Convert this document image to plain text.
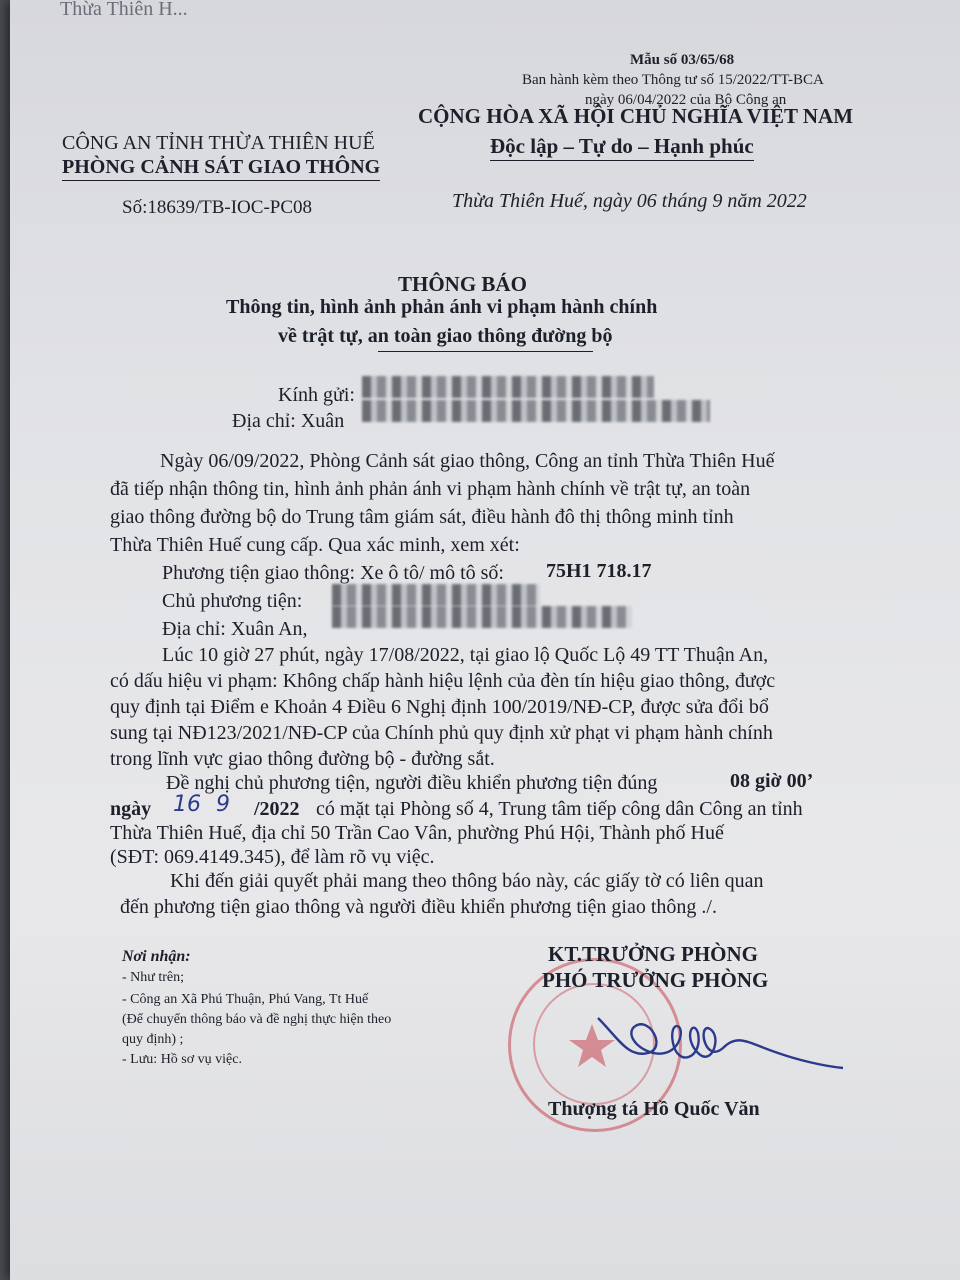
Thừa Thiên H...
Mẫu số 03/65/68
Ban hành kèm theo Thông tư số 15/2022/TT-BCA
ngày 06/04/2022 của Bộ Công an
CÔNG AN TỈNH THỪA THIÊN HUẾ
PHÒNG CẢNH SÁT GIAO THÔNG
Số:18639/TB-IOC-PC08
CỘNG HÒA XÃ HỘI CHỦ NGHĨA VIỆT NAM
Độc lập – Tự do – Hạnh phúc
Thừa Thiên Huế, ngày 06 tháng 9 năm 2022
THÔNG BÁO
Thông tin, hình ảnh phản ánh vi phạm hành chính
về trật tự, an toàn giao thông đường bộ
Kính gửi:
Địa chỉ: Xuân
Ngày 06/09/2022, Phòng Cảnh sát giao thông, Công an tỉnh Thừa Thiên Huế
đã tiếp nhận thông tin, hình ảnh phản ánh vi phạm hành chính về trật tự, an toàn
giao thông đường bộ do Trung tâm giám sát, điều hành đô thị thông minh tỉnh
Thừa Thiên Huế cung cấp. Qua xác minh, xem xét:
Phương tiện giao thông: Xe ô tô/ mô tô số: 75H1 718.17
Chủ phương tiện:
Địa chỉ: Xuân An,
Lúc 10 giờ 27 phút, ngày 17/08/2022, tại giao lộ Quốc Lộ 49 TT Thuận An,
có dấu hiệu vi phạm: Không chấp hành hiệu lệnh của đèn tín hiệu giao thông, được
quy định tại Điểm e Khoản 4 Điều 6 Nghị định 100/2019/NĐ-CP, được sửa đổi bổ
sung tại NĐ123/2021/NĐ-CP của Chính phủ quy định xử phạt vi phạm hành chính
trong lĩnh vực giao thông đường bộ - đường sắt.
Đề nghị chủ phương tiện, người điều khiển phương tiện đúng	08 giờ 00’
ngày 16 9 /2022 có mặt tại Phòng số 4, Trung tâm tiếp công dân Công an tỉnh
Thừa Thiên Huế, địa chỉ 50 Trần Cao Vân, phường Phú Hội, Thành phố Huế
(SĐT: 069.4149.345), để làm rõ vụ việc.
Khi đến giải quyết phải mang theo thông báo này, các giấy tờ có liên quan
đến phương tiện giao thông và người điều khiển phương tiện giao thông ./.
Nơi nhận:
- Như trên;
- Công an Xã Phú Thuận, Phú Vang, Tt Huế
(Để chuyển thông báo và đề nghị thực hiện theo
quy định) ;
- Lưu: Hồ sơ vụ việc.
KT.TRƯỞNG PHÒNG
PHÓ TRƯỞNG PHÒNG
Thượng tá Hồ Quốc Văn
